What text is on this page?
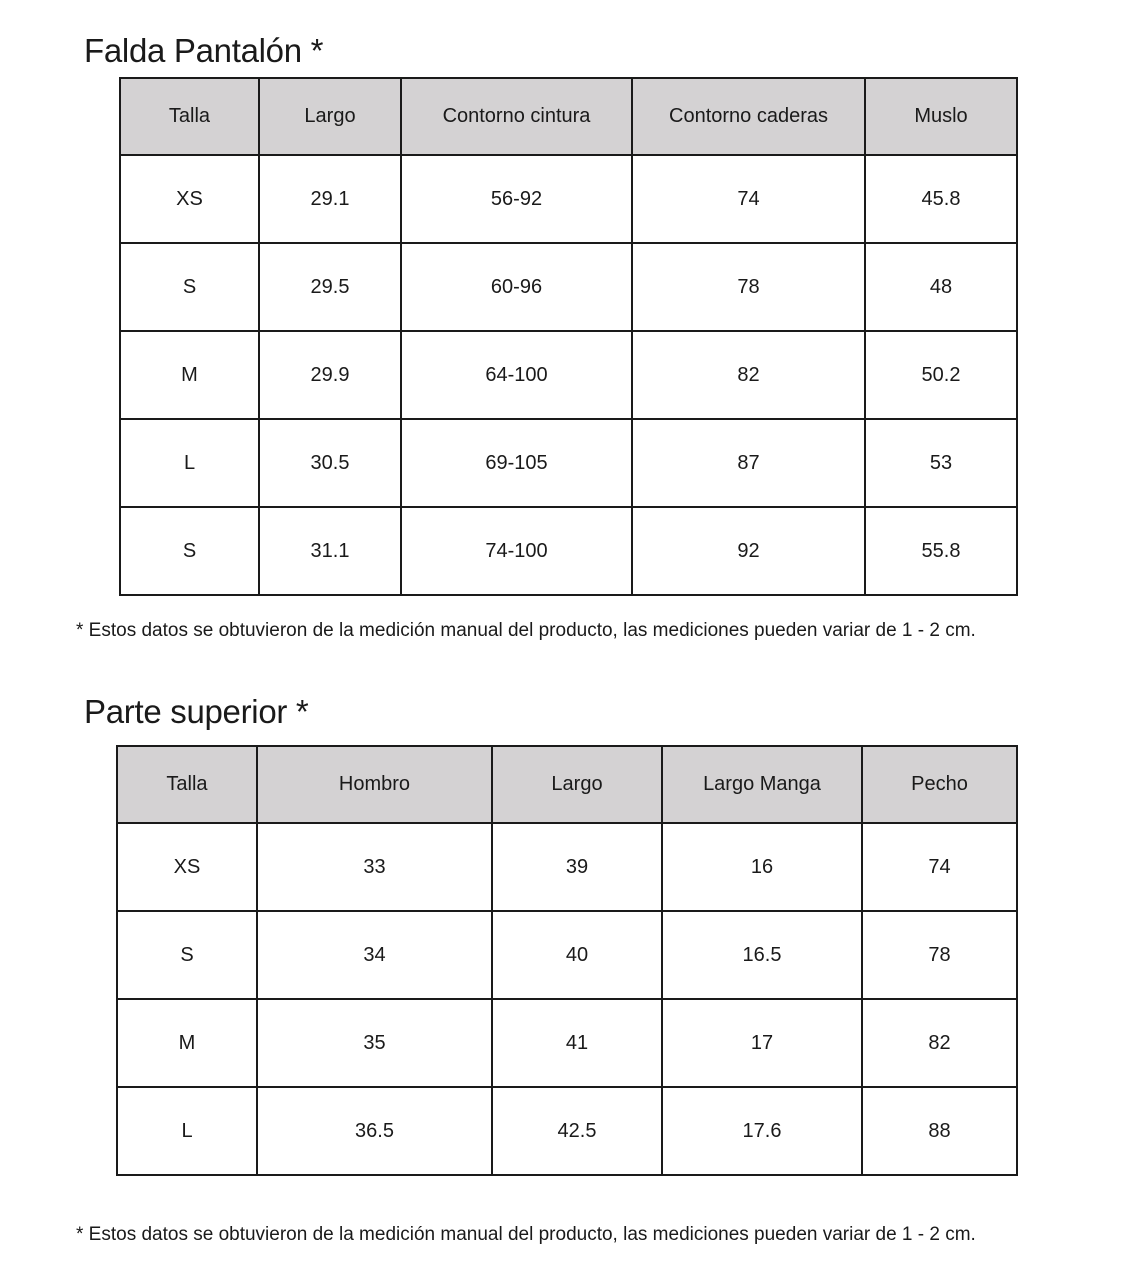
Falda Pantalón *
Talla	Largo	Contorno cintura	Contorno caderas	Muslo
XS	29.1	56-92	74	45.8
S	29.5	60-96	78	48
M	29.9	64-100	82	50.2
L	30.5	69-105	87	53
S	31.1	74-100	92	55.8

* Estos datos se obtuvieron de la medición manual del producto, las mediciones pueden variar de 1 - 2 cm.

Parte superior *
Talla	Hombro	Largo	Largo Manga	Pecho
XS	33	39	16	74
S	34	40	16.5	78
M	35	41	17	82
L	36.5	42.5	17.6	88

* Estos datos se obtuvieron de la medición manual del producto, las mediciones pueden variar de 1 - 2 cm.
